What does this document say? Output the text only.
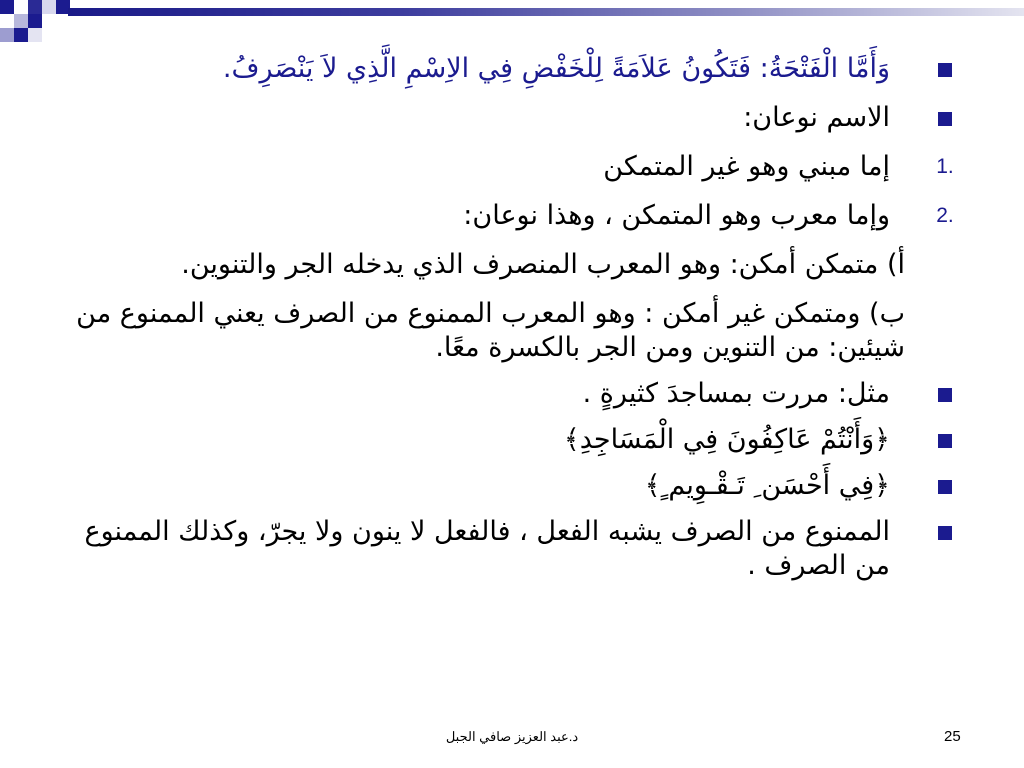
وَأَمَّا الْفَتْحَةُ: فَتَكُونُ عَلاَمَةً لِلْخَفْضِ فِي الاِسْمِ الَّذِي لاَ يَنْصَرِفُ.
الاسم نوعان:
1.
إما مبني وهو غير المتمكن
2.
وإما معرب وهو المتمكن ، وهذا نوعان:
أ) متمكن أمكن: وهو المعرب المنصرف الذي يدخله الجر والتنوين.
ب) ومتمكن غير أمكن : وهو المعرب الممنوع من الصرف يعني الممنوع من شيئين: من التنوين ومن الجر بالكسرة معًا.
مثل: مررت بمساجدَ كثيرةٍ .
﴿وَأَنْتُمْ عَاكِفُونَ فِي الْمَسَاجِدِ﴾
﴿فِي أَحْسَن ِ تَـقْـوِيم ٍ﴾
الممنوع من الصرف يشبه الفعل ، فالفعل لا ينون ولا يجرّ، وكذلك الممنوع من الصرف .
د.عبد العزيز صافي الجبل	25
